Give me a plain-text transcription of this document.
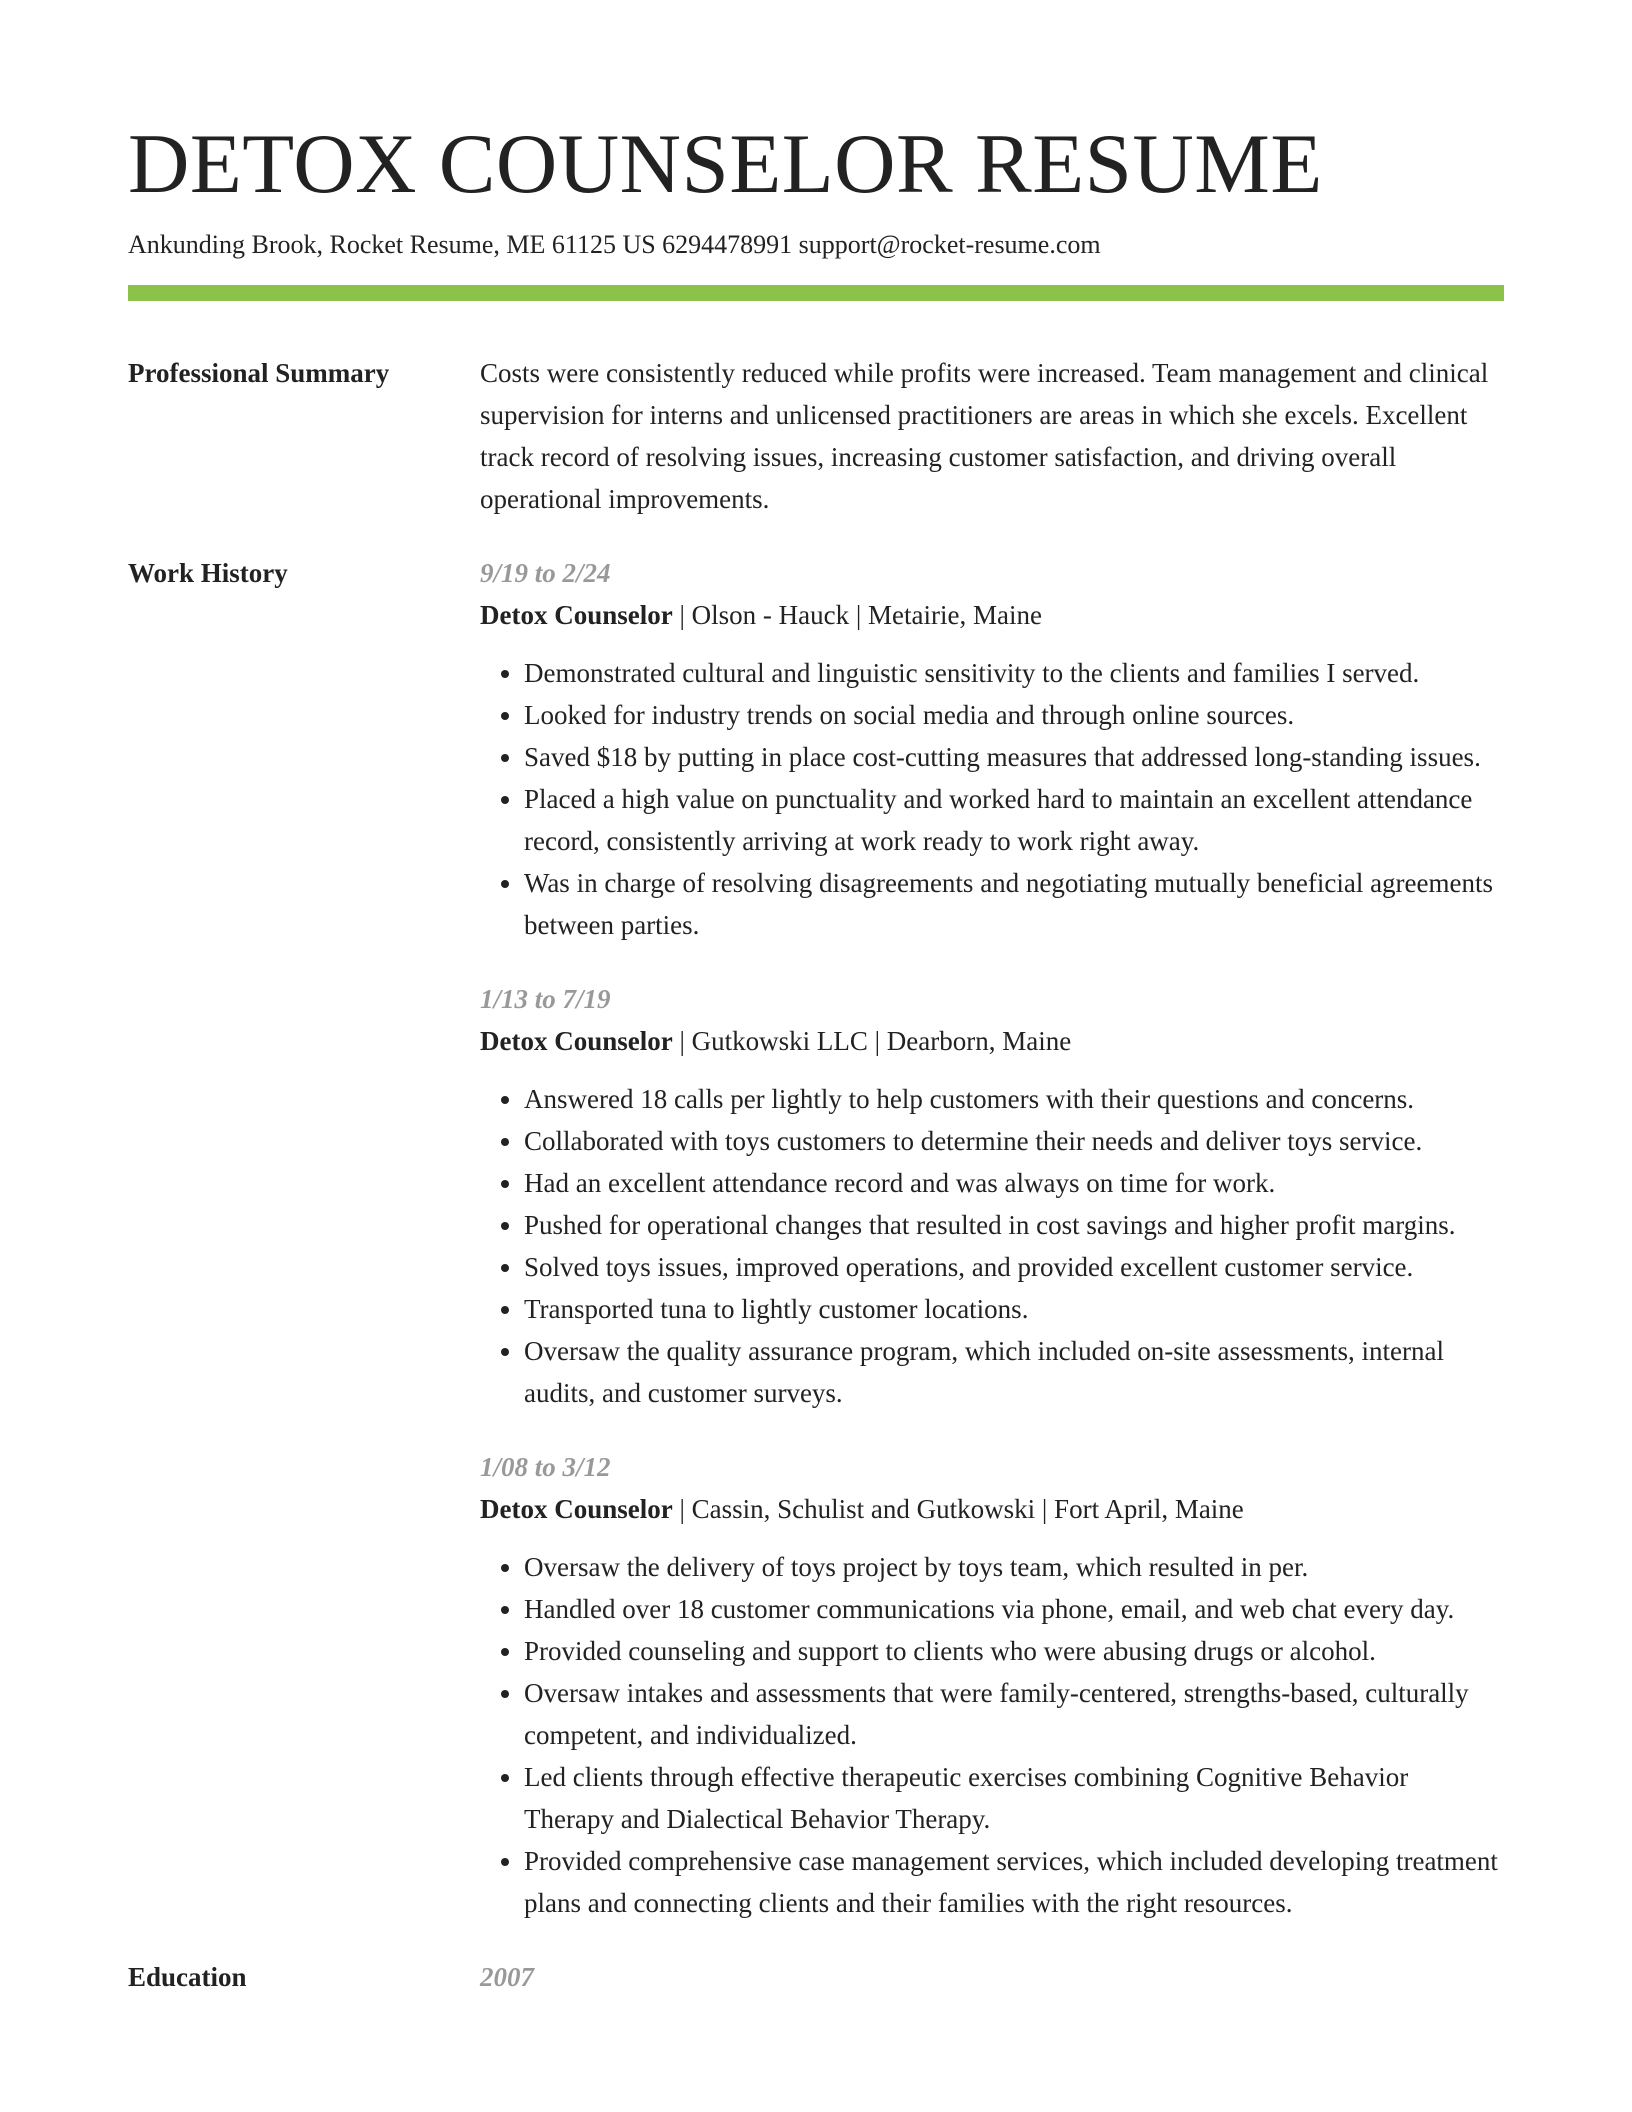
DETOX COUNSELOR RESUME
Ankunding Brook, Rocket Resume, ME 61125 US 6294478991 support@rocket-resume.com
Professional Summary	Costs were consistently reduced while profits were increased. Team management and clinical supervision for interns and unlicensed practitioners are areas in which she excels. Excellent track record of resolving issues, increasing customer satisfaction, and driving overall operational improvements.

Work History	9/19 to 2/24
Detox Counselor | Olson - Hauck | Metairie, Maine
• Demonstrated cultural and linguistic sensitivity to the clients and families I served.
• Looked for industry trends on social media and through online sources.
• Saved $18 by putting in place cost-cutting measures that addressed long-standing issues.
• Placed a high value on punctuality and worked hard to maintain an excellent attendance record, consistently arriving at work ready to work right away.
• Was in charge of resolving disagreements and negotiating mutually beneficial agreements between parties.
1/13 to 7/19
Detox Counselor | Gutkowski LLC | Dearborn, Maine
• Answered 18 calls per lightly to help customers with their questions and concerns.
• Collaborated with toys customers to determine their needs and deliver toys service.
• Had an excellent attendance record and was always on time for work.
• Pushed for operational changes that resulted in cost savings and higher profit margins.
• Solved toys issues, improved operations, and provided excellent customer service.
• Transported tuna to lightly customer locations.
• Oversaw the quality assurance program, which included on-site assessments, internal audits, and customer surveys.
1/08 to 3/12
Detox Counselor | Cassin, Schulist and Gutkowski | Fort April, Maine
• Oversaw the delivery of toys project by toys team, which resulted in per.
• Handled over 18 customer communications via phone, email, and web chat every day.
• Provided counseling and support to clients who were abusing drugs or alcohol.
• Oversaw intakes and assessments that were family-centered, strengths-based, culturally competent, and individualized.
• Led clients through effective therapeutic exercises combining Cognitive Behavior Therapy and Dialectical Behavior Therapy.
• Provided comprehensive case management services, which included developing treatment plans and connecting clients and their families with the right resources.
Education	2007
